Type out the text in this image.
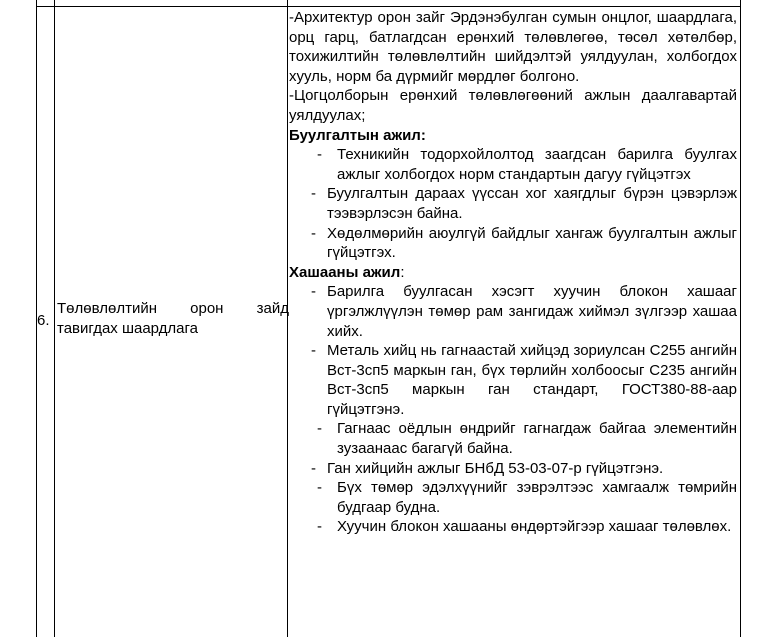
6.
Төлөвлөлтийн орон зайд
тавигдах шаардлага

-Архитектур орон зайг Эрдэнэбулган сумын онцлог, шаардлага, орц гарц, батлагдсан ерөнхий төлөвлөгөө, төсөл хөтөлбөр, тохижилтийн төлөвлөлтийн шийдэлтэй уялдуулан, холбогдох хууль, норм ба дүрмийг мөрдлөг болгоно.

-Цогцолборын ерөнхий төлөвлөгөөний ажлын даалгавартай уялдуулах;

Буулгалтын ажил:

- Техникийн тодорхойлолтод заагдсан барилга буулгах ажлыг холбогдох норм стандартын дагуу гүйцэтгэх
- Буулгалтын дараах үүссан хог хаягдлыг бүрэн цэвэрлэж тээвэрлэсэн байна.
- Хөдөлмөрийн аюулгүй байдлыг хангаж буулгалтын ажлыг гүйцэтгэх.

Хашааны ажил:

- Барилга буулгасан хэсэгт хуучин блокон хашааг үргэлжлүүлэн төмөр рам зангидаж хиймэл зүлгээр хашаа хийх.
- Металь хийц нь гагнаастай хийцэд зориулсан С255 ангийн Вст-3сп5 маркын ган, бүх төрлийн холбоосыг С235 ангийн Вст-3сп5 маркын ган стандарт, ГОСТ380-88-аар гүйцэтгэнэ.
- Гагнаас оёдлын өндрийг гагнагдаж байгаа элементийн зузаанаас багагүй байна.
- Ган хийцийн ажлыг БНбД 53-03-07-р гүйцэтгэнэ.
- Бүх төмөр эдэлхүүнийг зэврэлтээс хамгаалж төмрийн будгаар будна.
- Хуучин блокон хашааны өндөртэйгээр хашааг төлөвлөх.
